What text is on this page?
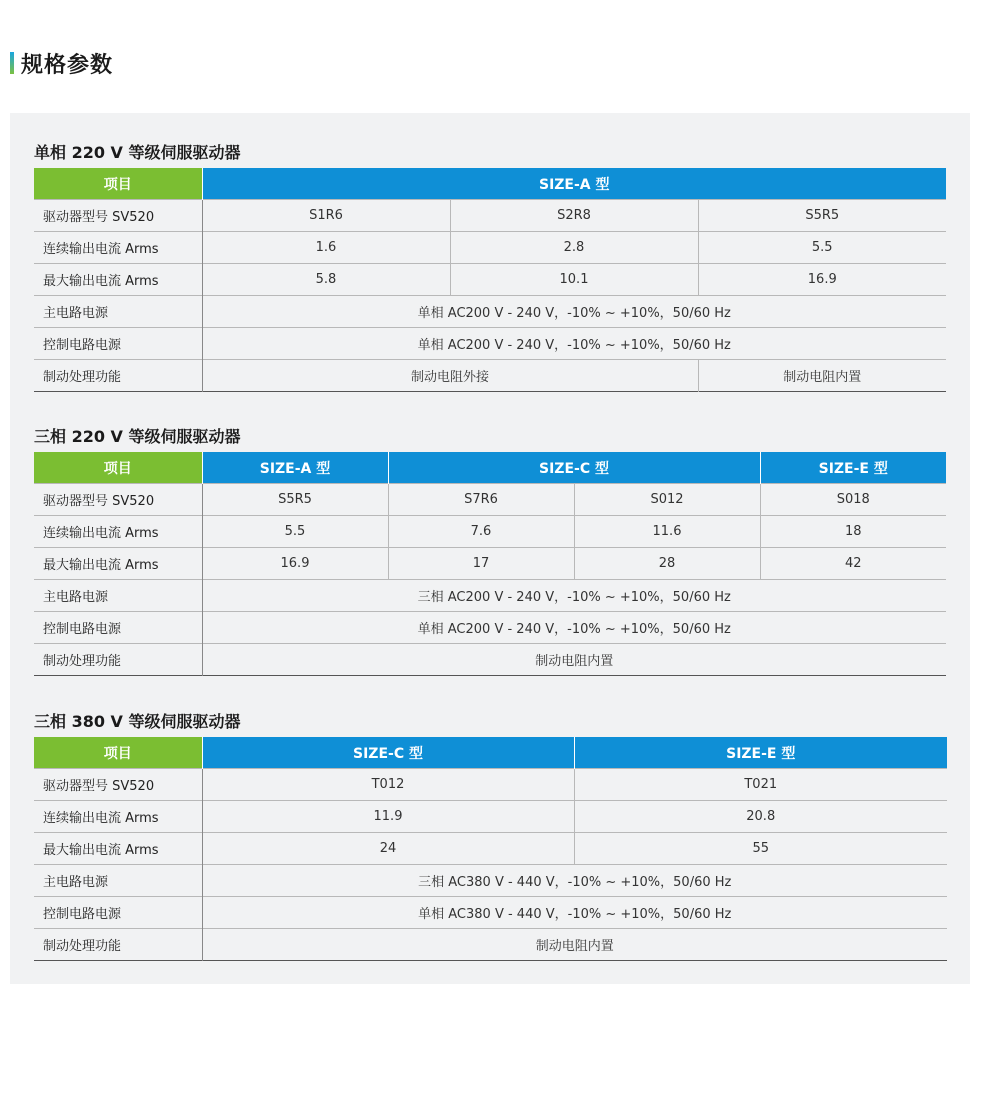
规格参数
单相 220 V 等级伺服驱动器
项目	SIZE-A 型		
驱动器型号 SV520	S1R6	S2R8	S5R5
连续输出电流 Arms	1.6	2.8	5.5
最大输出电流 Arms	5.8	10.1	16.9
主电路电源	单相 AC200 V - 240 V，-10% ~ +10%，50/60 Hz		
控制电路电源	单相 AC200 V - 240 V，-10% ~ +10%，50/60 Hz		
制动处理功能	制动电阻外接		制动电阻内置
三相 220 V 等级伺服驱动器
项目	SIZE-A 型	SIZE-C 型		SIZE-E 型
驱动器型号 SV520	S5R5	S7R6	S012	S018
连续输出电流 Arms	5.5	7.6	11.6	18
最大输出电流 Arms	16.9	17	28	42
主电路电源	三相 AC200 V - 240 V，-10% ~ +10%，50/60 Hz			
控制电路电源	单相 AC200 V - 240 V，-10% ~ +10%，50/60 Hz			
制动处理功能	制动电阻内置			
三相 380 V 等级伺服驱动器
项目	SIZE-C 型	SIZE-E 型
驱动器型号 SV520	T012	T021
连续输出电流 Arms	11.9	20.8
最大输出电流 Arms	24	55
主电路电源	三相 AC380 V - 440 V，-10% ~ +10%，50/60 Hz	
控制电路电源	单相 AC380 V - 440 V，-10% ~ +10%，50/60 Hz	
制动处理功能	制动电阻内置	
